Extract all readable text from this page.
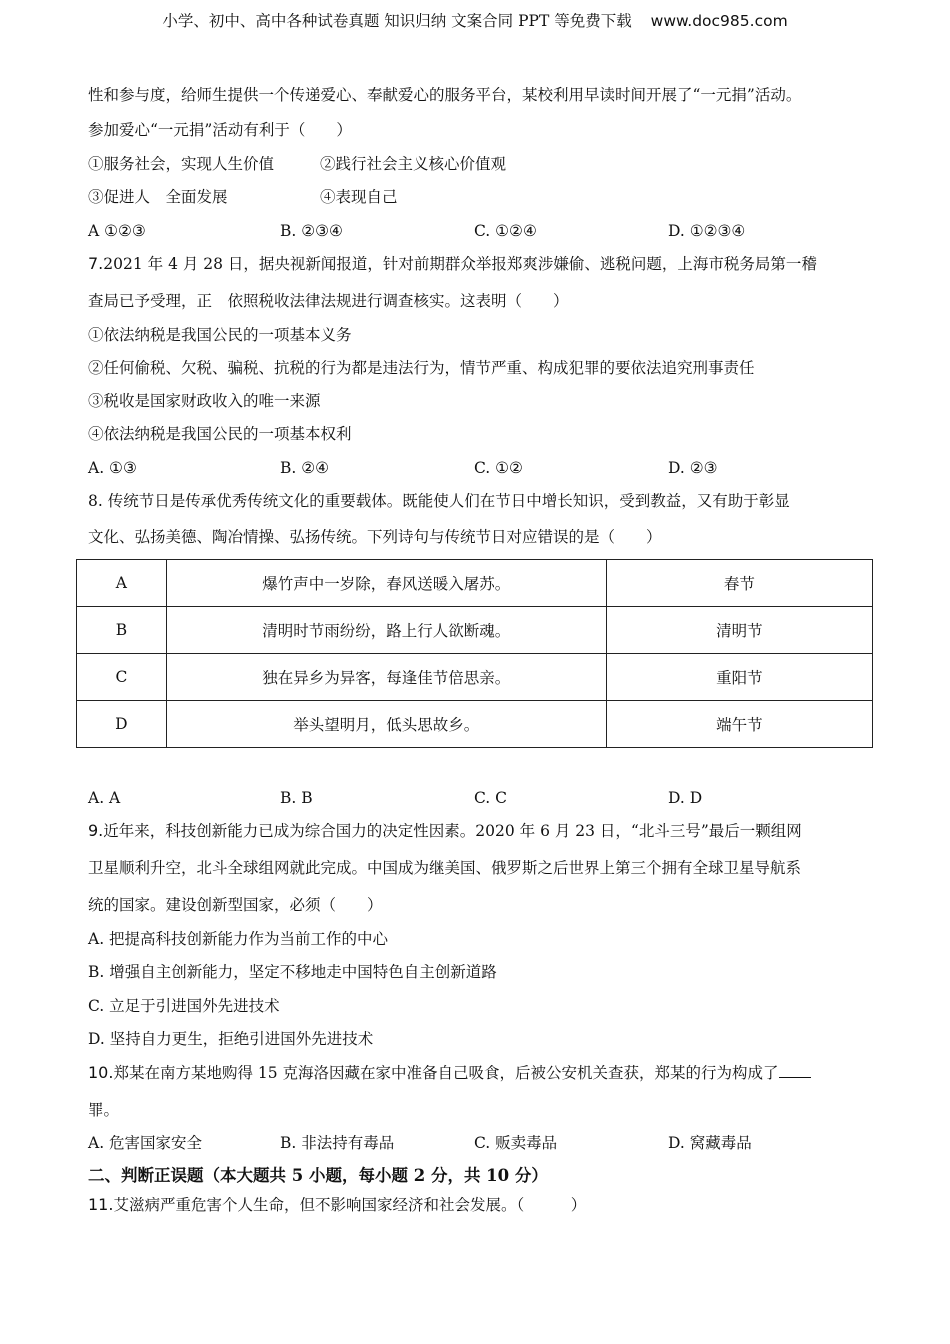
小学、初中、高中各种试卷真题 知识归纳 文案合同 PPT 等免费下载 www.doc985.com
性和参与度，给师生提供一个传递爱心、奉献爱心的服务平台，某校利用早读时间开展了“一元捐”活动。
参加爱心“一元捐”活动有利于（　　）
①服务社会，实现人生价值	②践行社会主义核心价值观
③促进人　全面发展	④表现自己
A ①②③	B. ②③④	C. ①②④	D. ①②③④
7.2021 年 4 月 28 日，据央视新闻报道，针对前期群众举报郑爽涉嫌偷、逃税问题，上海市税务局第一稽
查局已予受理，正　依照税收法律法规进行调查核实。这表明（　　）
①依法纳税是我国公民的一项基本义务
②任何偷税、欠税、骗税、抗税的行为都是违法行为，情节严重、构成犯罪的要依法追究刑事责任
③税收是国家财政收入的唯一来源
④依法纳税是我国公民的一项基本权利
A. ①③	B. ②④	C. ①②	D. ②③
8. 传统节日是传承优秀传统文化的重要载体。既能使人们在节日中增长知识，受到教益，又有助于彰显
文化、弘扬美德、陶冶情操、弘扬传统。下列诗句与传统节日对应错误的是（　　）
A	爆竹声中一岁除，春风送暖入屠苏。	春节
B	清明时节雨纷纷，路上行人欲断魂。	清明节
C	独在异乡为异客，每逢佳节倍思亲。	重阳节
D	举头望明月，低头思故乡。	端午节
A. A	B. B	C. C	D. D
9.近年来，科技创新能力已成为综合国力的决定性因素。2020 年 6 月 23 日，“北斗三号”最后一颗组网
卫星顺利升空，北斗全球组网就此完成。中国成为继美国、俄罗斯之后世界上第三个拥有全球卫星导航系
统的国家。建设创新型国家，必须（　　）
A. 把提高科技创新能力作为当前工作的中心
B. 增强自主创新能力，坚定不移地走中国特色自主创新道路
C. 立足于引进国外先进技术
D. 坚持自力更生，拒绝引进国外先进技术
10.郑某在南方某地购得 15 克海洛因藏在家中准备自己吸食，后被公安机关查获，郑某的行为构成了
罪。
A. 危害国家安全	B. 非法持有毒品	C. 贩卖毒品	D. 窝藏毒品
二、判断正误题（本大题共 5 小题，每小题 2 分，共 10 分）
11.艾滋病严重危害个人生命，但不影响国家经济和社会发展。（　　　）
